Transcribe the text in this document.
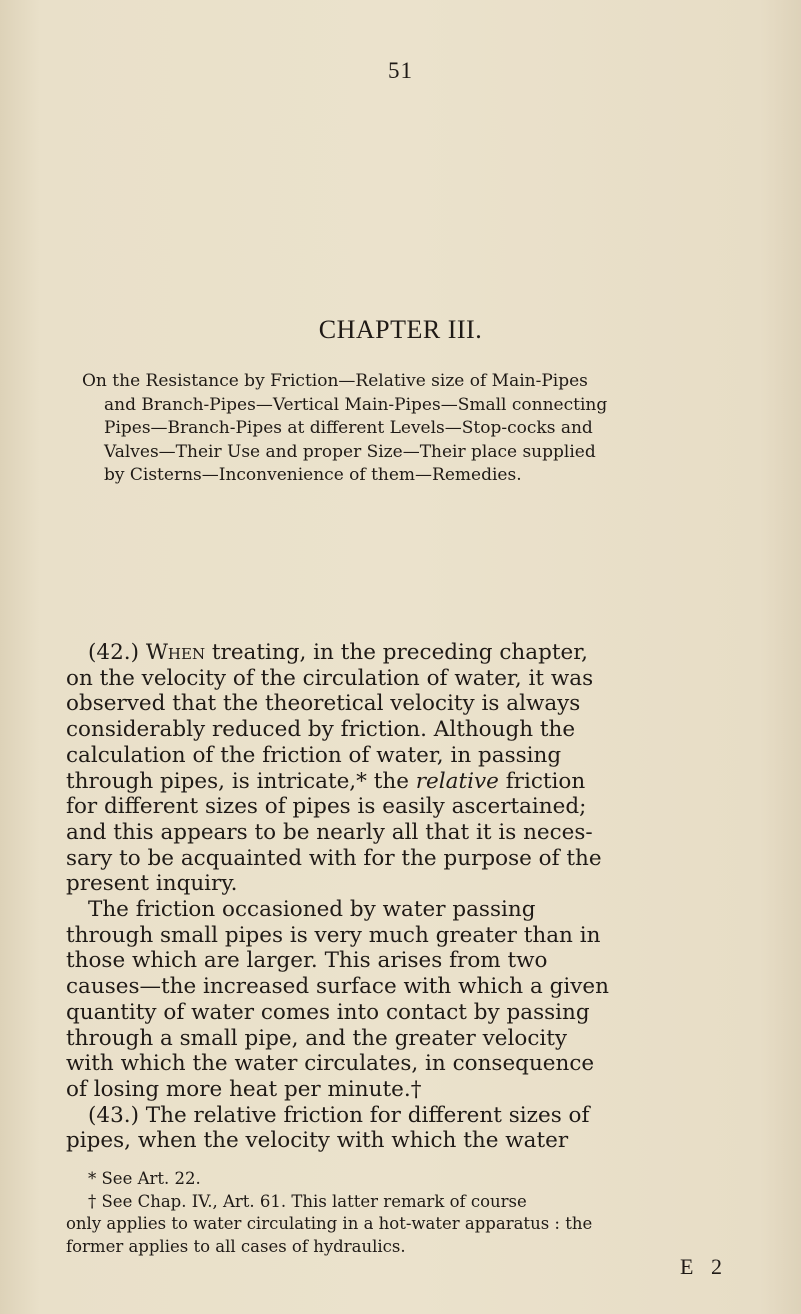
51
CHAPTER III.
On the Resistance by Friction—Relative size of Main-Pipes
and Branch-Pipes—Vertical Main-Pipes—Small connecting
Pipes—Branch-Pipes at different Levels—Stop-cocks and
Valves—Their Use and proper Size—Their place supplied
by Cisterns—Inconvenience of them—Remedies.
(42.) When treating, in the preceding chapter,
on the velocity of the circulation of water, it was
observed that the theoretical velocity is always
considerably reduced by friction. Although the
calculation of the friction of water, in passing
through pipes, is intricate,* the relative friction
for different sizes of pipes is easily ascertained;
and this appears to be nearly all that it is neces-
sary to be acquainted with for the purpose of the
present inquiry.
The friction occasioned by water passing
through small pipes is very much greater than in
those which are larger. This arises from two
causes—the increased surface with which a given
quantity of water comes into contact by passing
through a small pipe, and the greater velocity
with which the water circulates, in consequence
of losing more heat per minute.†
(43.) The relative friction for different sizes of
pipes, when the velocity with which the water
* See Art. 22.
† See Chap. IV., Art. 61. This latter remark of course
only applies to water circulating in a hot-water apparatus : the
former applies to all cases of hydraulics.
E 2
